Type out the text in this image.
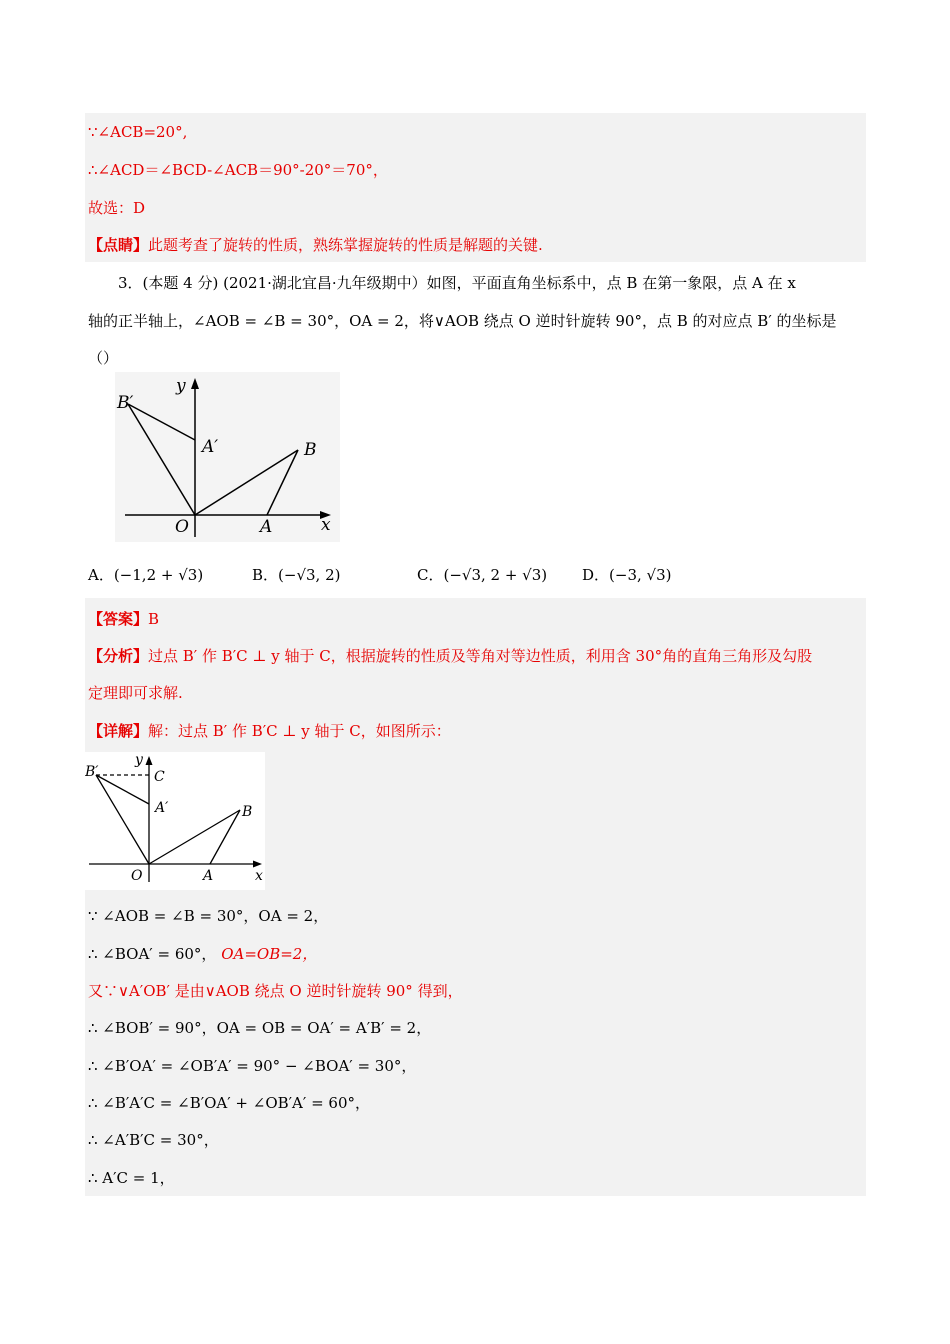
∵∠ACB=20°,
∴∠ACD＝∠BCD-∠ACB＝90°-20°＝70°，
故选：D
【点睛】此题考查了旋转的性质，熟练掌握旋转的性质是解题的关键.
3．(本题 4 分) (2021·湖北宜昌·九年级期中）如图，平面直角坐标系中，点 B 在第一象限，点 A 在 x
轴的正半轴上，∠AOB = ∠B = 30°，OA = 2，将∨AOB 绕点 O 逆时针旋转 90°，点 B 的对应点 B′ 的坐标是
（）
y
x
O	A
B
A′
B′
A．(−1,2 + √3)	B．(−√3, 2)	C．(−√3, 2 + √3) D．(−3, √3)
【答案】B
【分析】过点 B′ 作 B′C ⊥ y 轴于 C，根据旋转的性质及等角对等边性质，利用含 30°角的直角三角形及勾股
定理即可求解.
【详解】解：过点 B′ 作 B′C ⊥ y 轴于 C，如图所示：
y
x
O	A
B
A′
B′	C
∵ ∠AOB = ∠B = 30°，OA = 2，
∴ ∠BOA′ = 60°， OA=OB=2，
又∵∨A′OB′ 是由∨AOB 绕点 O 逆时针旋转 90° 得到，
∴ ∠BOB′ = 90°，OA = OB = OA′ = A′B′ = 2，
∴ ∠B′OA′ = ∠OB′A′ = 90° − ∠BOA′ = 30°，
∴ ∠B′A′C = ∠B′OA′ + ∠OB′A′ = 60°，
∴ ∠A′B′C = 30°，
∴ A′C = 1，
